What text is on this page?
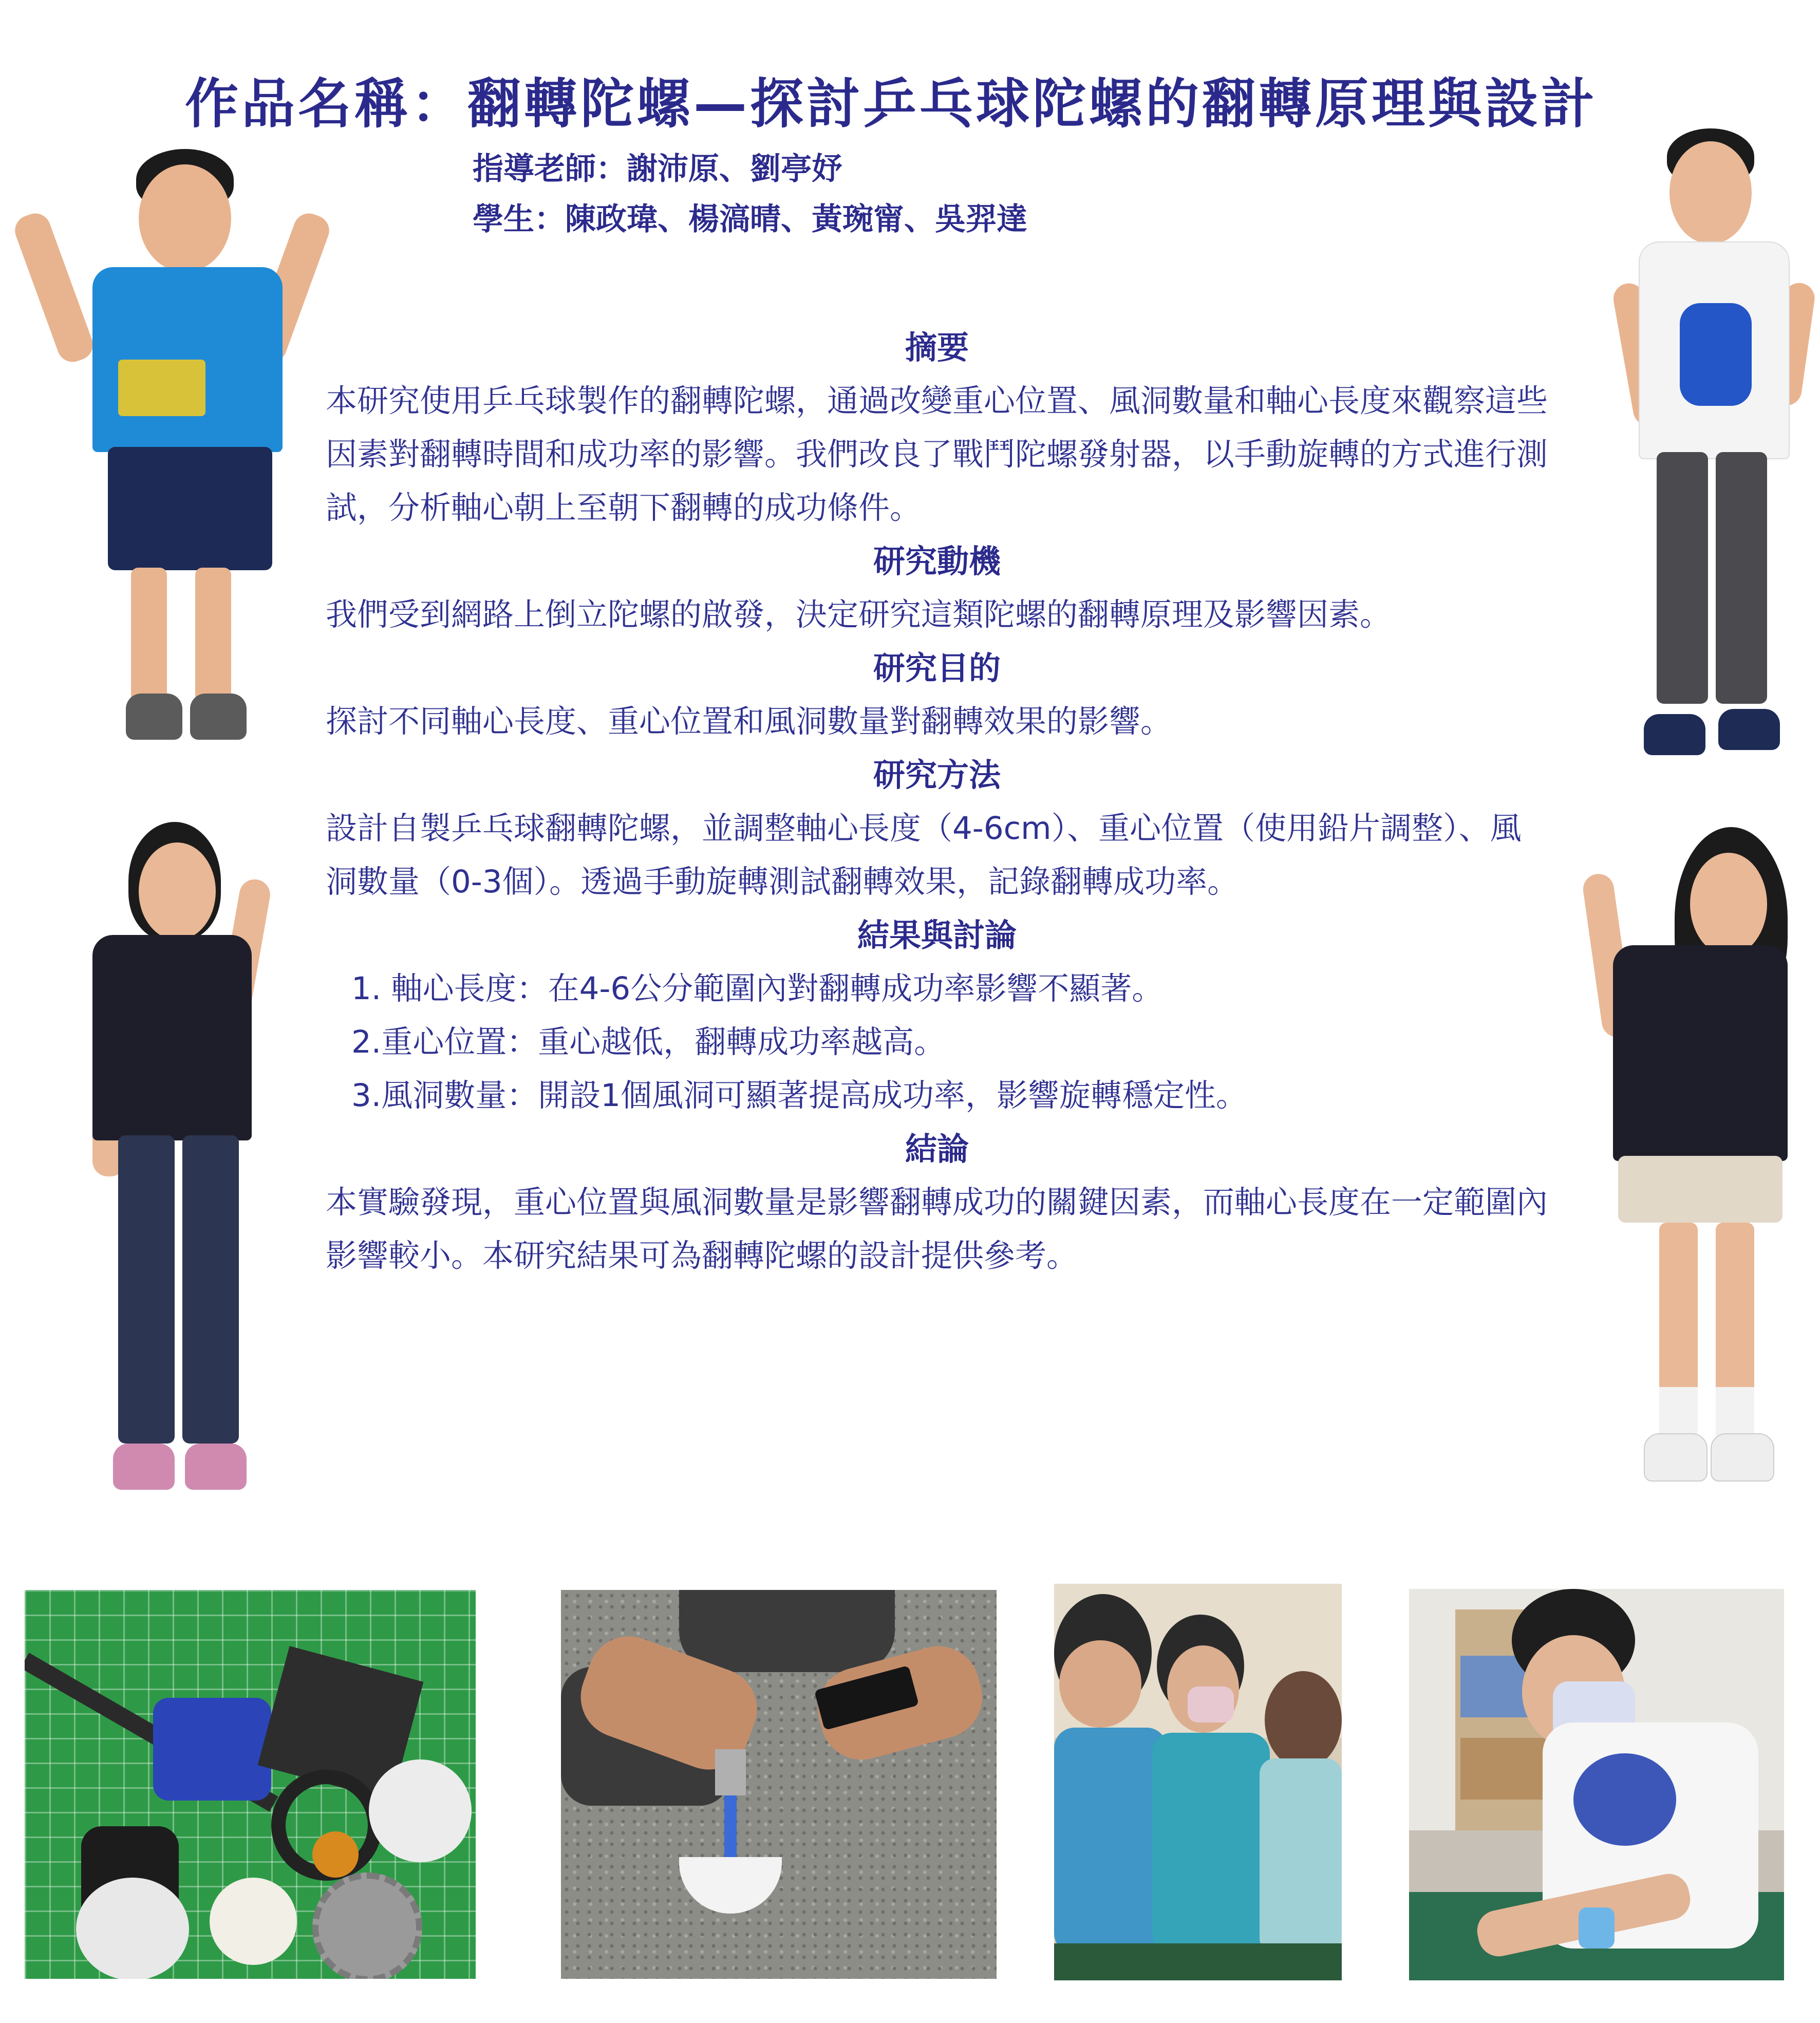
作品名稱：翻轉陀螺—探討乒乓球陀螺的翻轉原理與設計
指導老師：謝沛原、劉亭妤
學生：陳政瑋、楊滈晴、黃琬甯、吳羿達
摘要

本研究使用乒乓球製作的翻轉陀螺，通過改變重心位置、風洞數量和軸心長度來觀察這些因素對翻轉時間和成功率的影響。我們改良了戰鬥陀螺發射器，以手動旋轉的方式進行測試，分析軸心朝上至朝下翻轉的成功條件。

研究動機

我們受到網路上倒立陀螺的啟發，決定研究這類陀螺的翻轉原理及影響因素。

研究目的

探討不同軸心長度、重心位置和風洞數量對翻轉效果的影響。

研究方法

設計自製乒乓球翻轉陀螺，並調整軸心長度（4-6cm）、重心位置（使用鉛片調整）、風洞數量（0-3個）。透過手動旋轉測試翻轉效果，記錄翻轉成功率。

結果與討論
1. 軸心長度：在4-6公分範圍內對翻轉成功率影響不顯著。
2.重心位置：重心越低，翻轉成功率越高。
3.風洞數量：開設1個風洞可顯著提高成功率，影響旋轉穩定性。
結論

本實驗發現，重心位置與風洞數量是影響翻轉成功的關鍵因素，而軸心長度在一定範圍內影響較小。本研究結果可為翻轉陀螺的設計提供參考。
